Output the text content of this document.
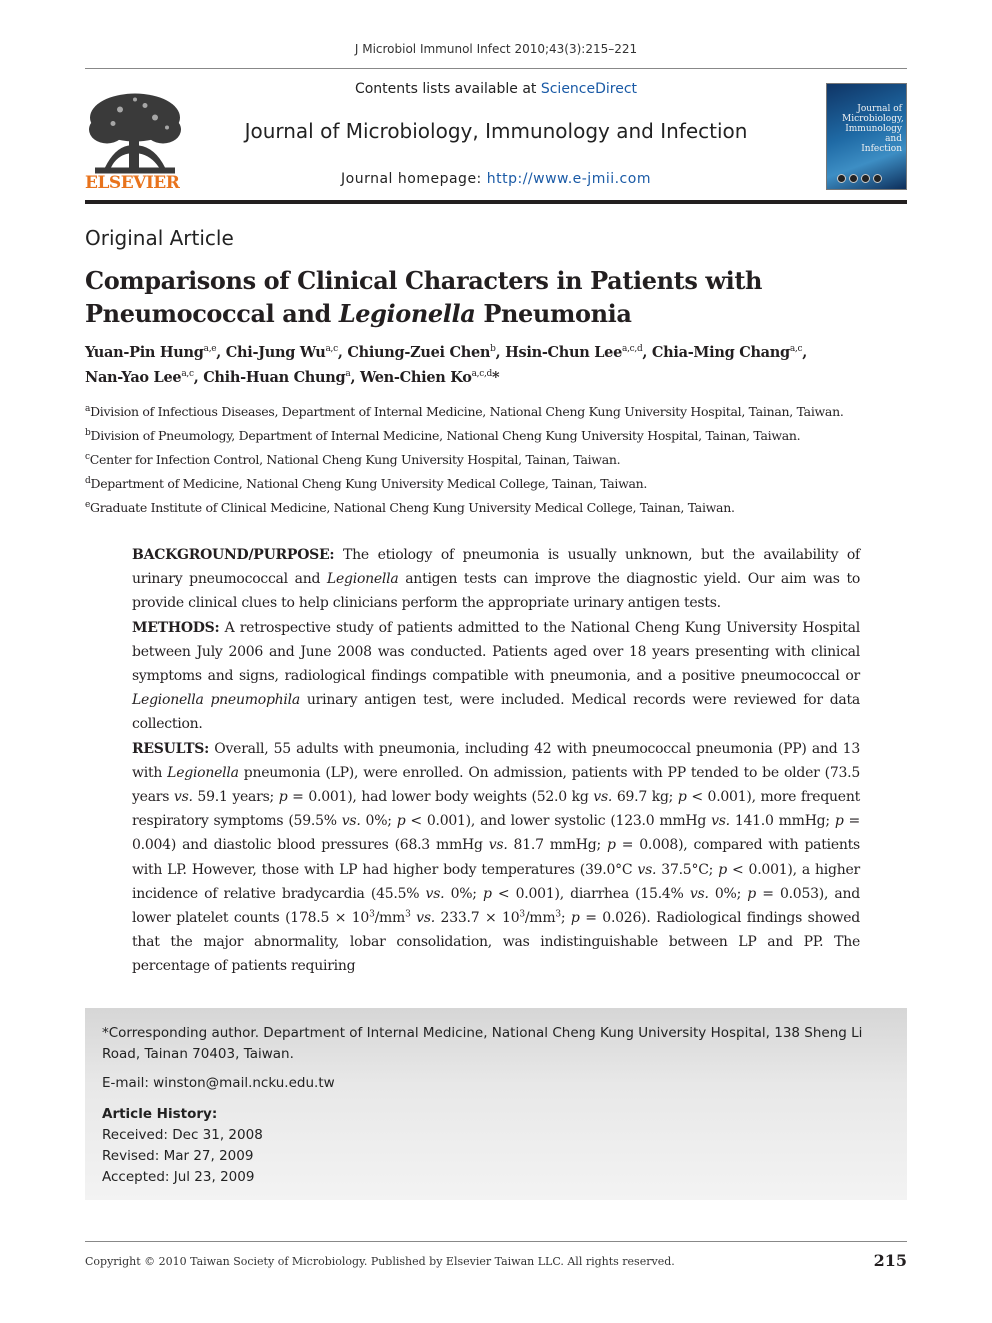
J Microbiol Immunol Infect 2010;43(3):215–221
ELSEVIER
Contents lists available at ScienceDirect
Journal of Microbiology, Immunology and Infection
Journal homepage: http://www.e-jmii.com
Journal of Microbiology, Immunology and Infection
Original Article
Comparisons of Clinical Characters in Patients with Pneumococcal and Legionella Pneumonia
Yuan-Pin Hung$^{a,e}$, Chi-Jung Wu$^{a,c}$, Chiung-Zuei Chen$^b$, Hsin-Chun Lee$^{a,c,d}$, Chia-Ming Chang$^{a,c}$,
Nan-Yao Lee$^{a,c}$, Chih-Huan Chung$^a$, Wen-Chien Ko$^{a,c,d}$*
$^a$Division of Infectious Diseases, Department of Internal Medicine, National Cheng Kung University Hospital, Tainan, Taiwan.
$^b$Division of Pneumology, Department of Internal Medicine, National Cheng Kung University Hospital, Tainan, Taiwan.
$^c$Center for Infection Control, National Cheng Kung University Hospital, Tainan, Taiwan.
$^d$Department of Medicine, National Cheng Kung University Medical College, Tainan, Taiwan.
$^e$Graduate Institute of Clinical Medicine, National Cheng Kung University Medical College, Tainan, Taiwan.
BACKGROUND/PURPOSE: The etiology of pneumonia is usually unknown, but the availability of urinary pneumococcal and Legionella antigen tests can improve the diagnostic yield. Our aim was to provide clinical clues to help clinicians perform the appropriate urinary antigen tests.
METHODS: A retrospective study of patients admitted to the National Cheng Kung University Hospital between July 2006 and June 2008 was conducted. Patients aged over 18 years presenting with clinical symptoms and signs, radiological findings compatible with pneumonia, and a positive pneumococcal or Legionella pneumophila urinary antigen test, were included. Medical records were reviewed for data collection.
RESULTS: Overall, 55 adults with pneumonia, including 42 with pneumococcal pneumonia (PP) and 13 with Legionella pneumonia (LP), were enrolled. On admission, patients with PP tended to be older (73.5 years vs. 59.1 years; p = 0.001), had lower body weights (52.0 kg vs. 69.7 kg; p < 0.001), more frequent respiratory symptoms (59.5% vs. 0%; p < 0.001), and lower systolic (123.0 mmHg vs. 141.0 mmHg; p = 0.004) and diastolic blood pressures (68.3 mmHg vs. 81.7 mmHg; p = 0.008), compared with patients with LP. However, those with LP had higher body temperatures (39.0°C vs. 37.5°C; p < 0.001), a higher incidence of relative bradycardia (45.5% vs. 0%; p < 0.001), diarrhea (15.4% vs. 0%; p = 0.053), and lower platelet counts ($178.5 \times 10^3/mm^3$ vs. $233.7 \times 10^3/mm^3$; p = 0.026). Radiological findings showed that the major abnormality, lobar consolidation, was indistinguishable between LP and PP. The percentage of patients requiring
*Corresponding author. Department of Internal Medicine, National Cheng Kung University Hospital, 138 Sheng Li Road, Tainan 70403, Taiwan.
E-mail: winston@mail.ncku.edu.tw
Article History:
Received: Dec 31, 2008
Revised: Mar 27, 2009
Accepted: Jul 23, 2009
Copyright © 2010 Taiwan Society of Microbiology. Published by Elsevier Taiwan LLC. All rights reserved.	215
